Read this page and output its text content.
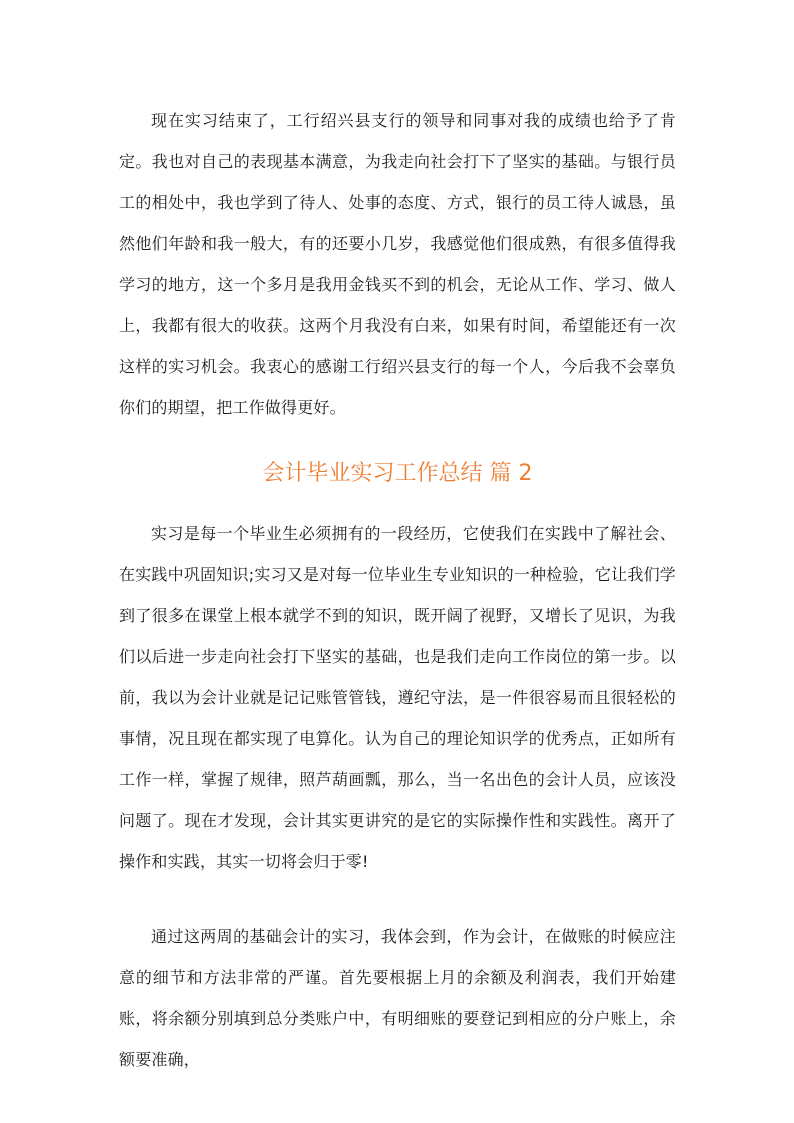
现在实习结束了，工行绍兴县支行的领导和同事对我的成绩也给予了肯定。我也对自己的表现基本满意，为我走向社会打下了坚实的基础。与银行员工的相处中，我也学到了待人、处事的态度、方式，银行的员工待人诚恳，虽然他们年龄和我一般大，有的还要小几岁，我感觉他们很成熟，有很多值得我学习的地方，这一个多月是我用金钱买不到的机会，无论从工作、学习、做人上，我都有很大的收获。这两个月我没有白来，如果有时间，希望能还有一次这样的实习机会。我衷心的感谢工行绍兴县支行的每一个人，今后我不会辜负你们的期望，把工作做得更好。

会计毕业实习工作总结 篇 2

实习是每一个毕业生必须拥有的一段经历，它使我们在实践中了解社会、在实践中巩固知识;实习又是对每一位毕业生专业知识的一种检验，它让我们学到了很多在课堂上根本就学不到的知识，既开阔了视野，又增长了见识，为我们以后进一步走向社会打下坚实的基础，也是我们走向工作岗位的第一步。以前，我以为会计业就是记记账管管钱，遵纪守法，是一件很容易而且很轻松的事情，况且现在都实现了电算化。认为自己的理论知识学的优秀点，正如所有工作一样，掌握了规律，照芦葫画瓢，那么，当一名出色的会计人员，应该没问题了。现在才发现，会计其实更讲究的是它的实际操作性和实践性。离开了操作和实践，其实一切将会归于零!

通过这两周的基础会计的实习，我体会到，作为会计，在做账的时候应注意的细节和方法非常的严谨。首先要根据上月的余额及利润表，我们开始建账，将余额分别填到总分类账户中，有明细账的要登记到相应的分户账上，余额要准确，
